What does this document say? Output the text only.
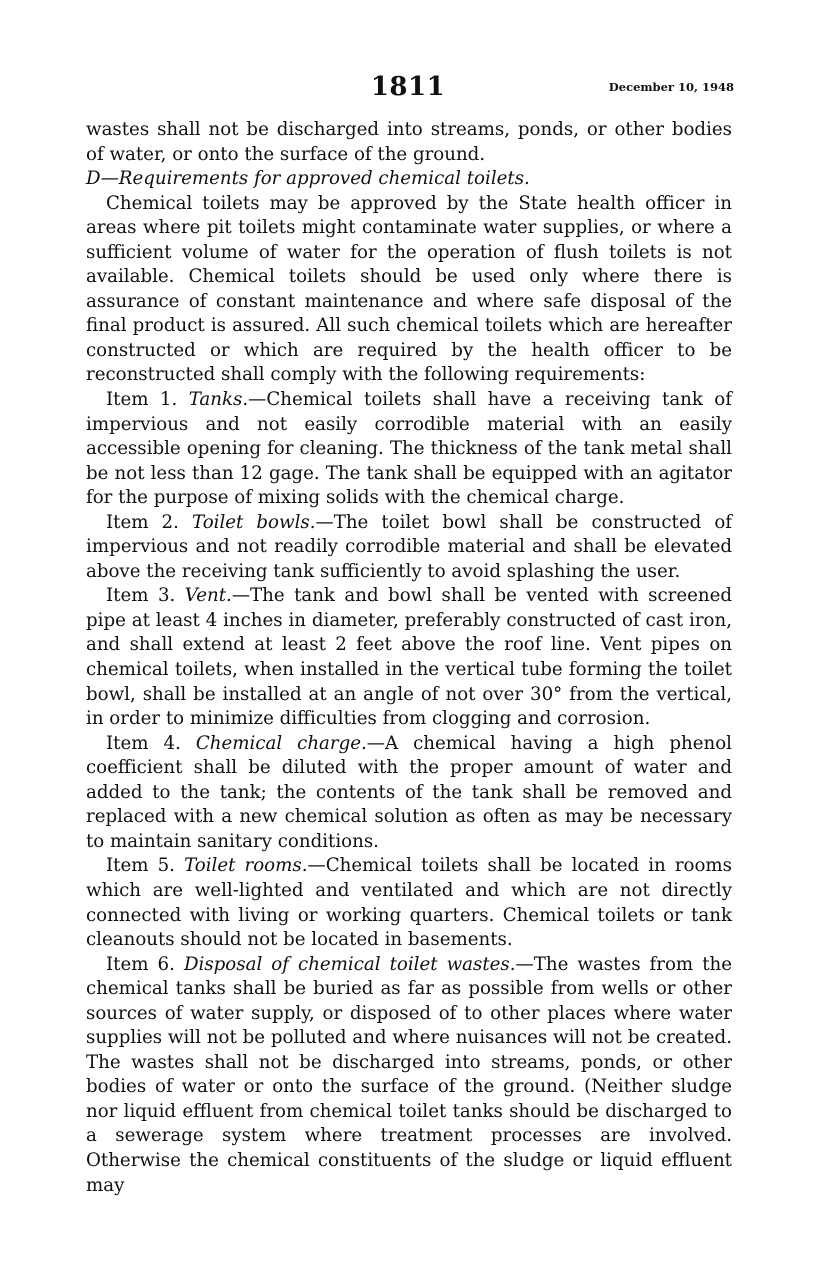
1811	December 10, 1948

wastes shall not be discharged into streams, ponds, or other bodies of water, or onto the surface of the ground.

D—Requirements for approved chemical toilets.

Chemical toilets may be approved by the State health officer in areas where pit toilets might contaminate water supplies, or where a sufficient volume of water for the operation of flush toilets is not available. Chemical toilets should be used only where there is assurance of constant maintenance and where safe disposal of the final product is assured. All such chemical toilets which are hereafter constructed or which are required by the health officer to be reconstructed shall comply with the following requirements:

Item 1. Tanks.—Chemical toilets shall have a receiving tank of impervious and not easily corrodible material with an easily accessible opening for cleaning. The thickness of the tank metal shall be not less than 12 gage. The tank shall be equipped with an agitator for the purpose of mixing solids with the chemical charge.

Item 2. Toilet bowls.—The toilet bowl shall be constructed of impervious and not readily corrodible material and shall be elevated above the receiving tank sufficiently to avoid splashing the user.

Item 3. Vent.—The tank and bowl shall be vented with screened pipe at least 4 inches in diameter, preferably constructed of cast iron, and shall extend at least 2 feet above the roof line. Vent pipes on chemical toilets, when installed in the vertical tube forming the toilet bowl, shall be installed at an angle of not over 30° from the vertical, in order to minimize difficulties from clogging and corrosion.

Item 4. Chemical charge.—A chemical having a high phenol coefficient shall be diluted with the proper amount of water and added to the tank; the contents of the tank shall be removed and replaced with a new chemical solution as often as may be necessary to maintain sanitary conditions.

Item 5. Toilet rooms.—Chemical toilets shall be located in rooms which are well-lighted and ventilated and which are not directly connected with living or working quarters. Chemical toilets or tank cleanouts should not be located in basements.

Item 6. Disposal of chemical toilet wastes.—The wastes from the chemical tanks shall be buried as far as possible from wells or other sources of water supply, or disposed of to other places where water supplies will not be polluted and where nuisances will not be created. The wastes shall not be discharged into streams, ponds, or other bodies of water or onto the surface of the ground. (Neither sludge nor liquid effluent from chemical toilet tanks should be discharged to a sewerage system where treatment processes are involved. Otherwise the chemical constituents of the sludge or liquid effluent may
